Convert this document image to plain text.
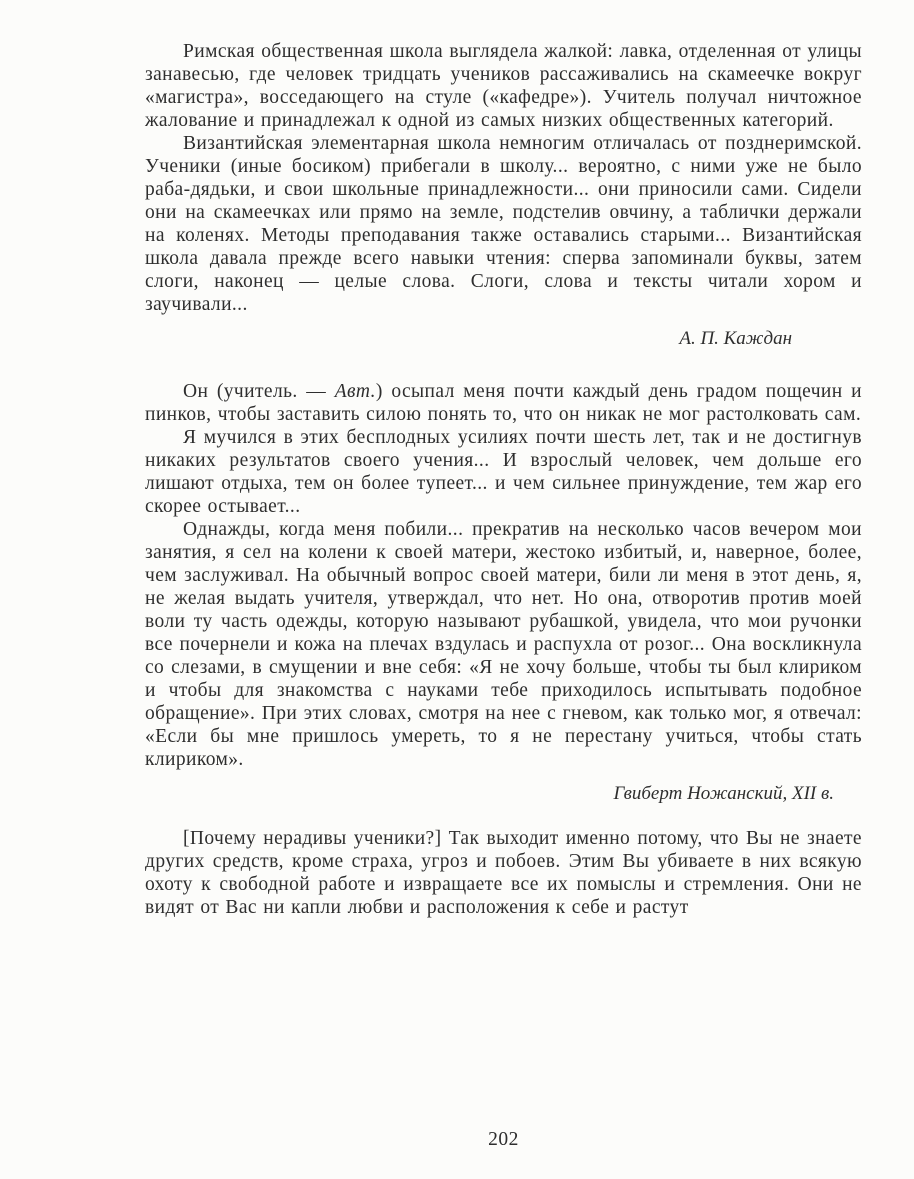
Римская общественная школа выглядела жалкой: лавка, отделенная от улицы занавесью, где человек тридцать учеников рассаживались на скамеечке вокруг «магистра», восседающего на стуле («кафедре»). Учитель получал ничтожное жалование и принадлежал к одной из самых низких общественных категорий.

Византийская элементарная школа немногим отличалась от позднеримской. Ученики (иные босиком) прибегали в школу... вероятно, с ними уже не было раба-дядьки, и свои школьные принадлежности... они приносили сами. Сидели они на скамеечках или прямо на земле, подстелив овчину, а таблички держали на коленях. Методы преподавания также оставались старыми... Византийская школа давала прежде всего навыки чтения: сперва запоминали буквы, затем слоги, наконец — целые слова. Слоги, слова и тексты читали хором и заучивали...

А. П. Каждан

Он (учитель. — Авт.) осыпал меня почти каждый день градом пощечин и пинков, чтобы заставить силою понять то, что он никак не мог растолковать сам.

Я мучился в этих бесплодных усилиях почти шесть лет, так и не достигнув никаких результатов своего учения... И взрослый человек, чем дольше его лишают отдыха, тем он более тупеет... и чем сильнее принуждение, тем жар его скорее остывает...

Однажды, когда меня побили... прекратив на несколько часов вечером мои занятия, я сел на колени к своей матери, жестоко избитый, и, наверное, более, чем заслуживал. На обычный вопрос своей матери, били ли меня в этот день, я, не желая выдать учителя, утверждал, что нет. Но она, отворотив против моей воли ту часть одежды, которую называют рубашкой, увидела, что мои ручонки все почернели и кожа на плечах вздулась и распухла от розог... Она воскликнула со слезами, в смущении и вне себя: «Я не хочу больше, чтобы ты был клириком и чтобы для знакомства с науками тебе приходилось испытывать подобное обращение». При этих словах, смотря на нее с гневом, как только мог, я отвечал: «Если бы мне пришлось умереть, то я не перестану учиться, чтобы стать клириком».

Гвиберт Ножанский, XII в.

[Почему нерадивы ученики?] Так выходит именно потому, что Вы не знаете других средств, кроме страха, угроз и побоев. Этим Вы убиваете в них всякую охоту к свободной работе и извращаете все их помыслы и стремления. Они не видят от Вас ни капли любви и расположения к себе и растут

202
